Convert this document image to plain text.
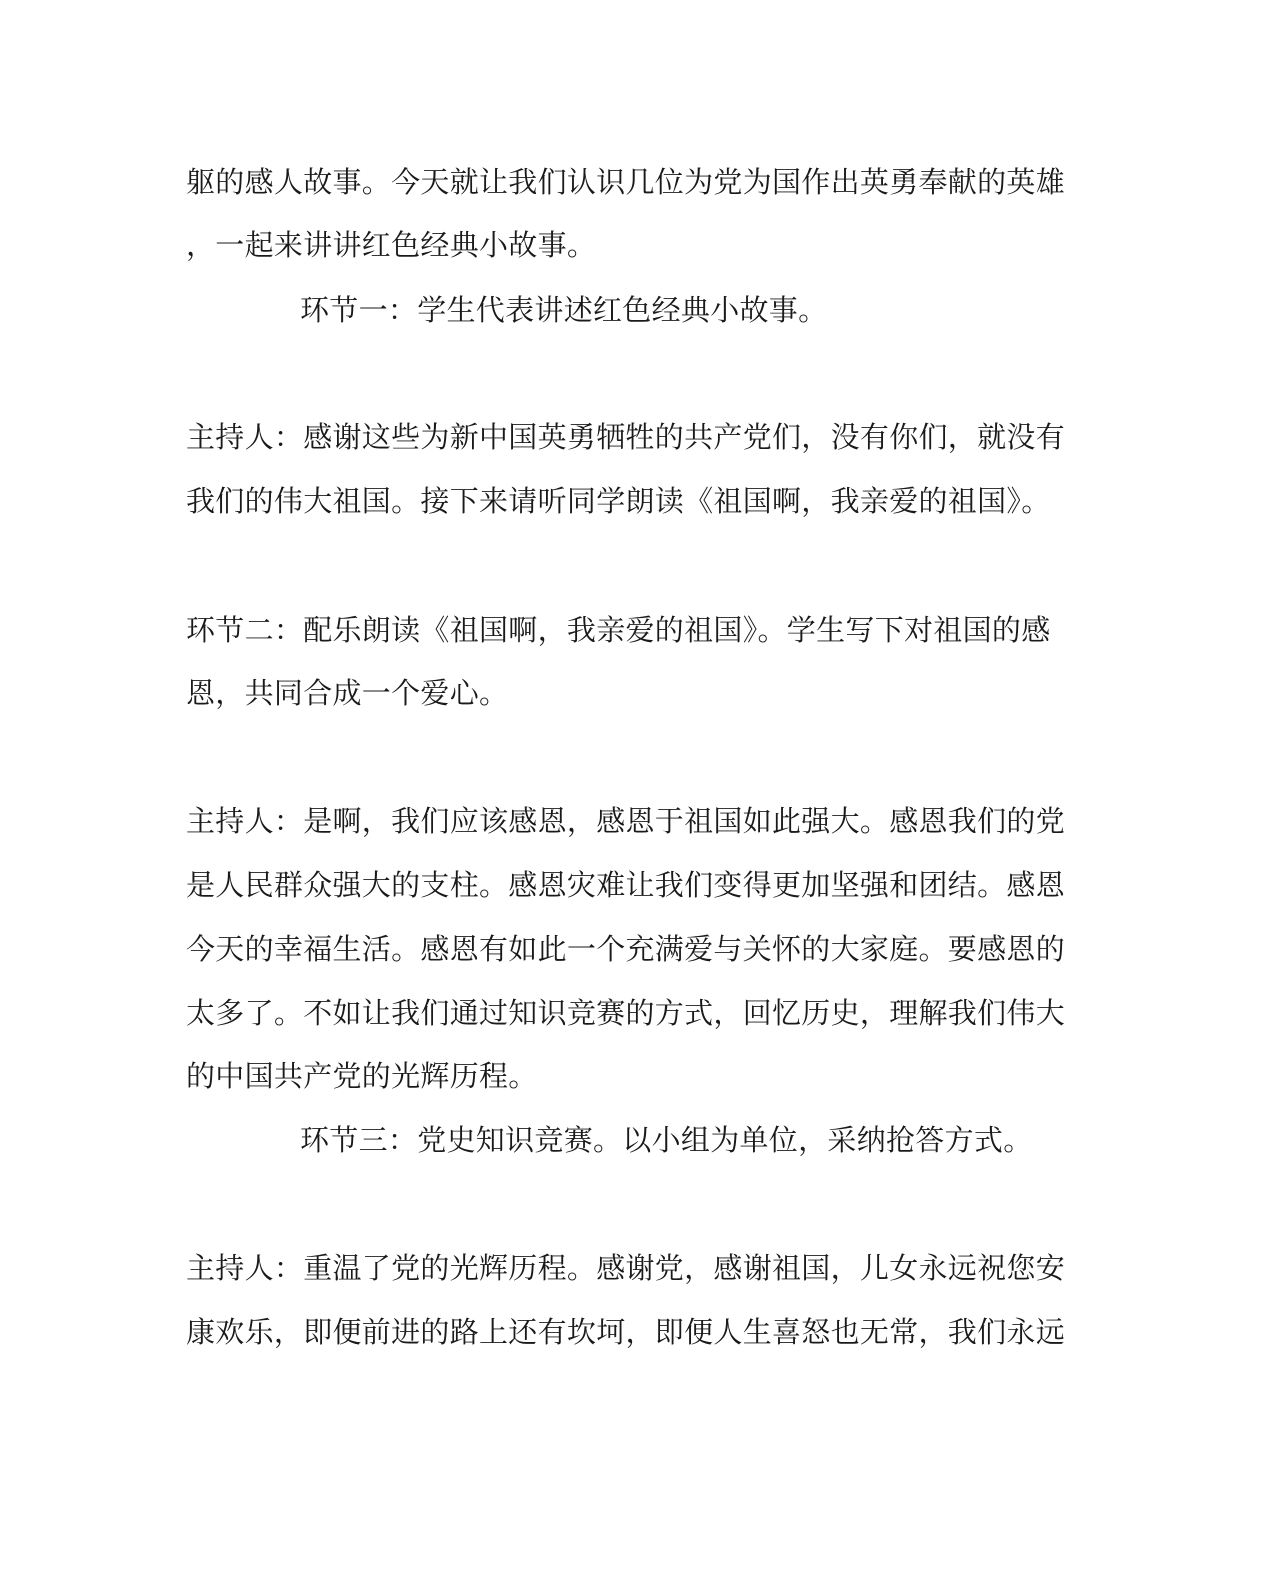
躯的感人故事。今天就让我们认识几位为党为国作出英勇奉献的英雄
，一起来讲讲红色经典小故事。
环节一：学生代表讲述红色经典小故事。
主持人：感谢这些为新中国英勇牺牲的共产党们，没有你们，就没有
我们的伟大祖国。接下来请听同学朗读《祖国啊，我亲爱的祖国》。
环节二：配乐朗读《祖国啊，我亲爱的祖国》。学生写下对祖国的感
恩，共同合成一个爱心。
主持人：是啊，我们应该感恩，感恩于祖国如此强大。感恩我们的党
是人民群众强大的支柱。感恩灾难让我们变得更加坚强和团结。感恩
今天的幸福生活。感恩有如此一个充满爱与关怀的大家庭。要感恩的
太多了。不如让我们通过知识竞赛的方式，回忆历史，理解我们伟大
的中国共产党的光辉历程。
环节三：党史知识竞赛。以小组为单位，采纳抢答方式。
主持人：重温了党的光辉历程。感谢党，感谢祖国，儿女永远祝您安
康欢乐，即便前进的路上还有坎坷，即便人生喜怒也无常，我们永远
